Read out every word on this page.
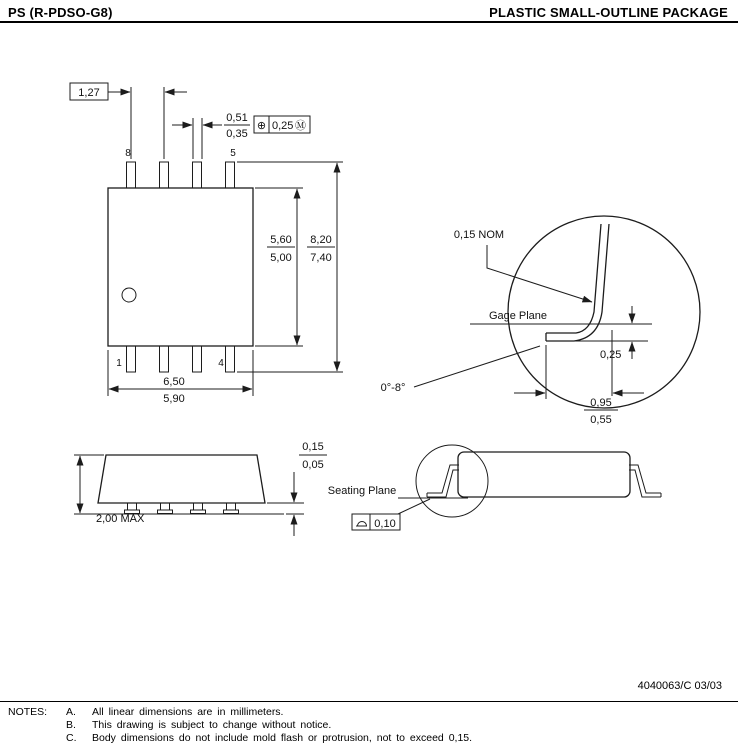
PS (R-PDSO-G8)	PLASTIC SMALL-OUTLINE PACKAGE
8	5
1	4
1,27
0,51
0,35
⊕ 0,25 Ⓜ
5,60
5,00
8,20
7,40
6,50
5,90
Gage Plane
0,15 NOM
0,25
0°-8°
0,95
0,55
2,00 MAX
0,15
0,05
Seating Plane
0,10
4040063/C 03/03
NOTES:	A.	All linear dimensions are in millimeters.
B.	This drawing is subject to change without notice.
C.	Body dimensions do not include mold flash or protrusion, not to exceed 0,15.
